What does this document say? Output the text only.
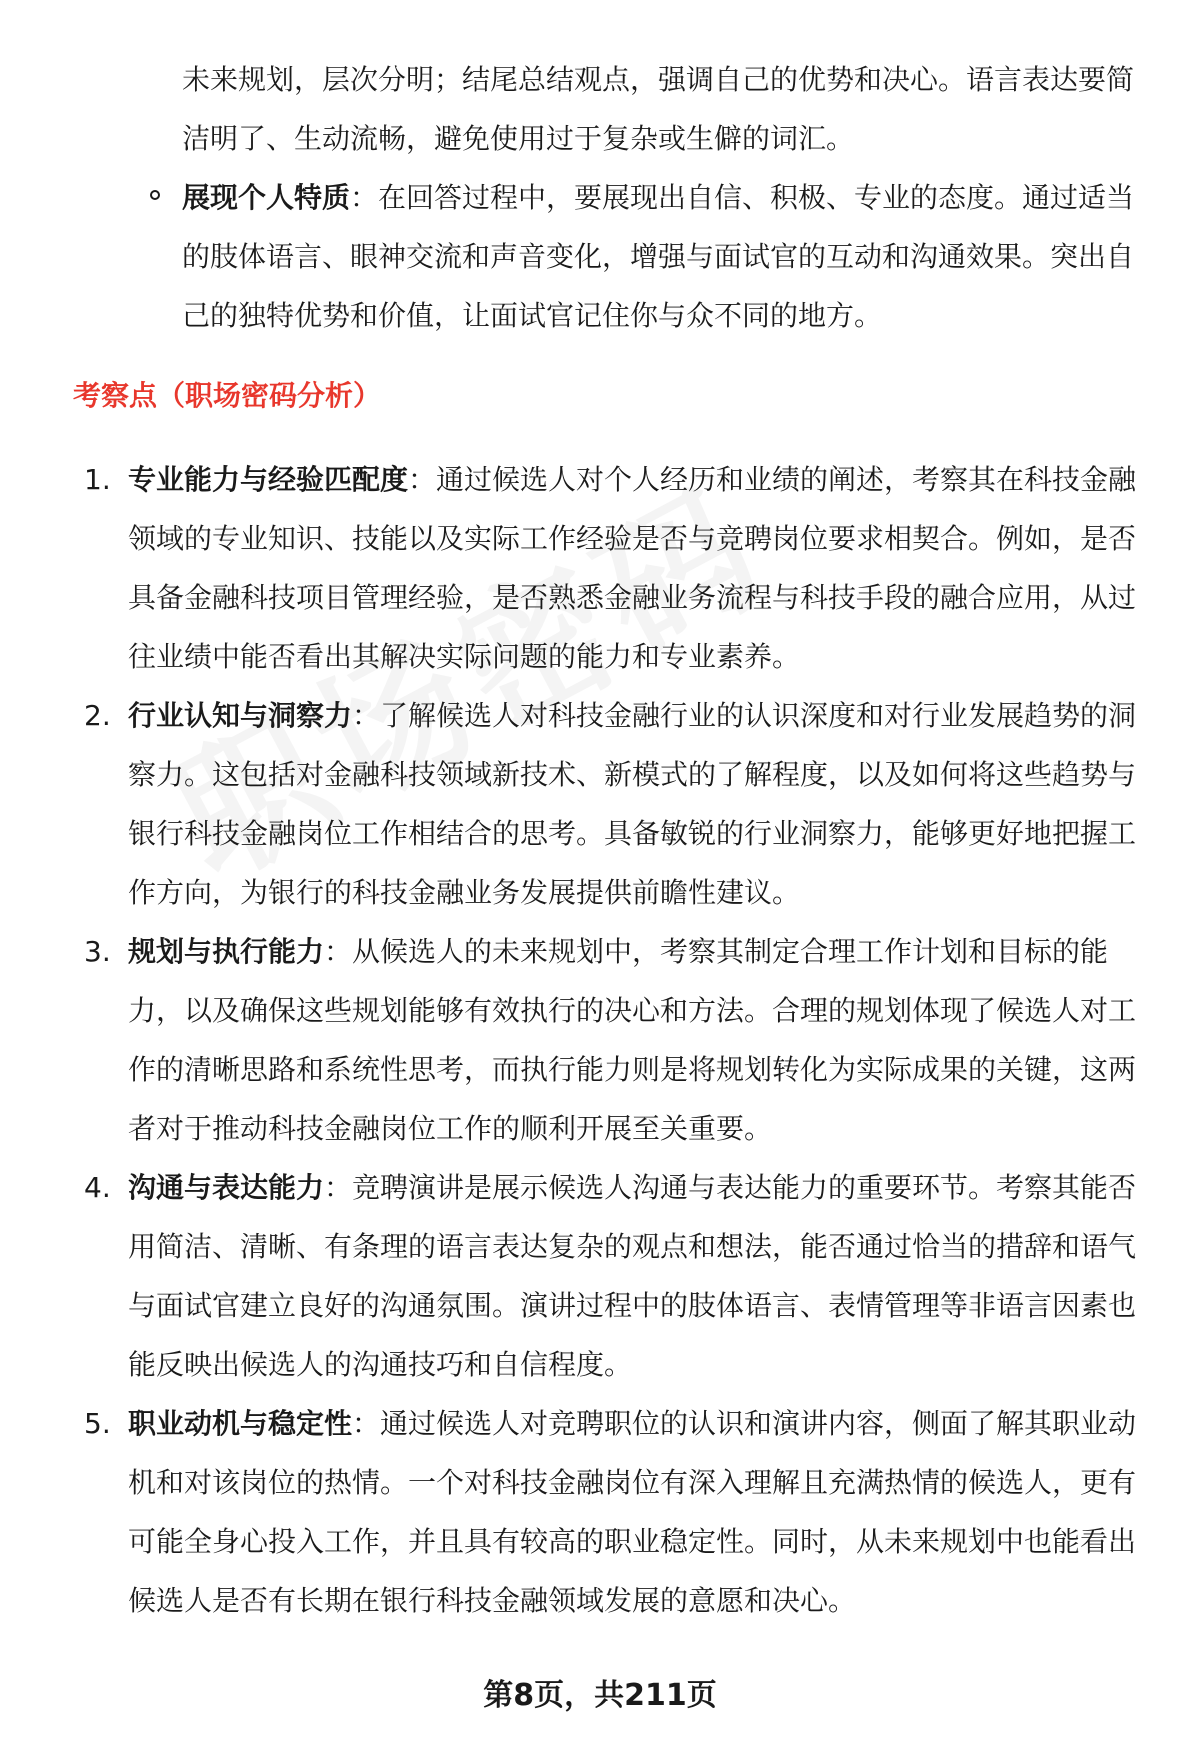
未来规划，层次分明；结尾总结观点，强调自己的优势和决心。语言表达要简洁明了、生动流畅，避免使用过于复杂或生僻的词汇。

展现个人特质：在回答过程中，要展现出自信、积极、专业的态度。通过适当的肢体语言、眼神交流和声音变化，增强与面试官的互动和沟通效果。突出自己的独特优势和价值，让面试官记住你与众不同的地方。

考察点（职场密码分析）
1. 专业能力与经验匹配度：通过候选人对个人经历和业绩的阐述，考察其在科技金融领域的专业知识、技能以及实际工作经验是否与竞聘岗位要求相契合。例如，是否具备金融科技项目管理经验，是否熟悉金融业务流程与科技手段的融合应用，从过往业绩中能否看出其解决实际问题的能力和专业素养。
2. 行业认知与洞察力：了解候选人对科技金融行业的认识深度和对行业发展趋势的洞察力。这包括对金融科技领域新技术、新模式的了解程度，以及如何将这些趋势与银行科技金融岗位工作相结合的思考。具备敏锐的行业洞察力，能够更好地把握工作方向，为银行的科技金融业务发展提供前瞻性建议。
3. 规划与执行能力：从候选人的未来规划中，考察其制定合理工作计划和目标的能力，以及确保这些规划能够有效执行的决心和方法。合理的规划体现了候选人对工作的清晰思路和系统性思考，而执行能力则是将规划转化为实际成果的关键，这两者对于推动科技金融岗位工作的顺利开展至关重要。
4. 沟通与表达能力：竞聘演讲是展示候选人沟通与表达能力的重要环节。考察其能否用简洁、清晰、有条理的语言表达复杂的观点和想法，能否通过恰当的措辞和语气与面试官建立良好的沟通氛围。演讲过程中的肢体语言、表情管理等非语言因素也能反映出候选人的沟通技巧和自信程度。
5. 职业动机与稳定性：通过候选人对竞聘职位的认识和演讲内容，侧面了解其职业动机和对该岗位的热情。一个对科技金融岗位有深入理解且充满热情的候选人，更有可能全身心投入工作，并且具有较高的职业稳定性。同时，从未来规划中也能看出候选人是否有长期在银行科技金融领域发展的意愿和决心。
第8页，共211页
